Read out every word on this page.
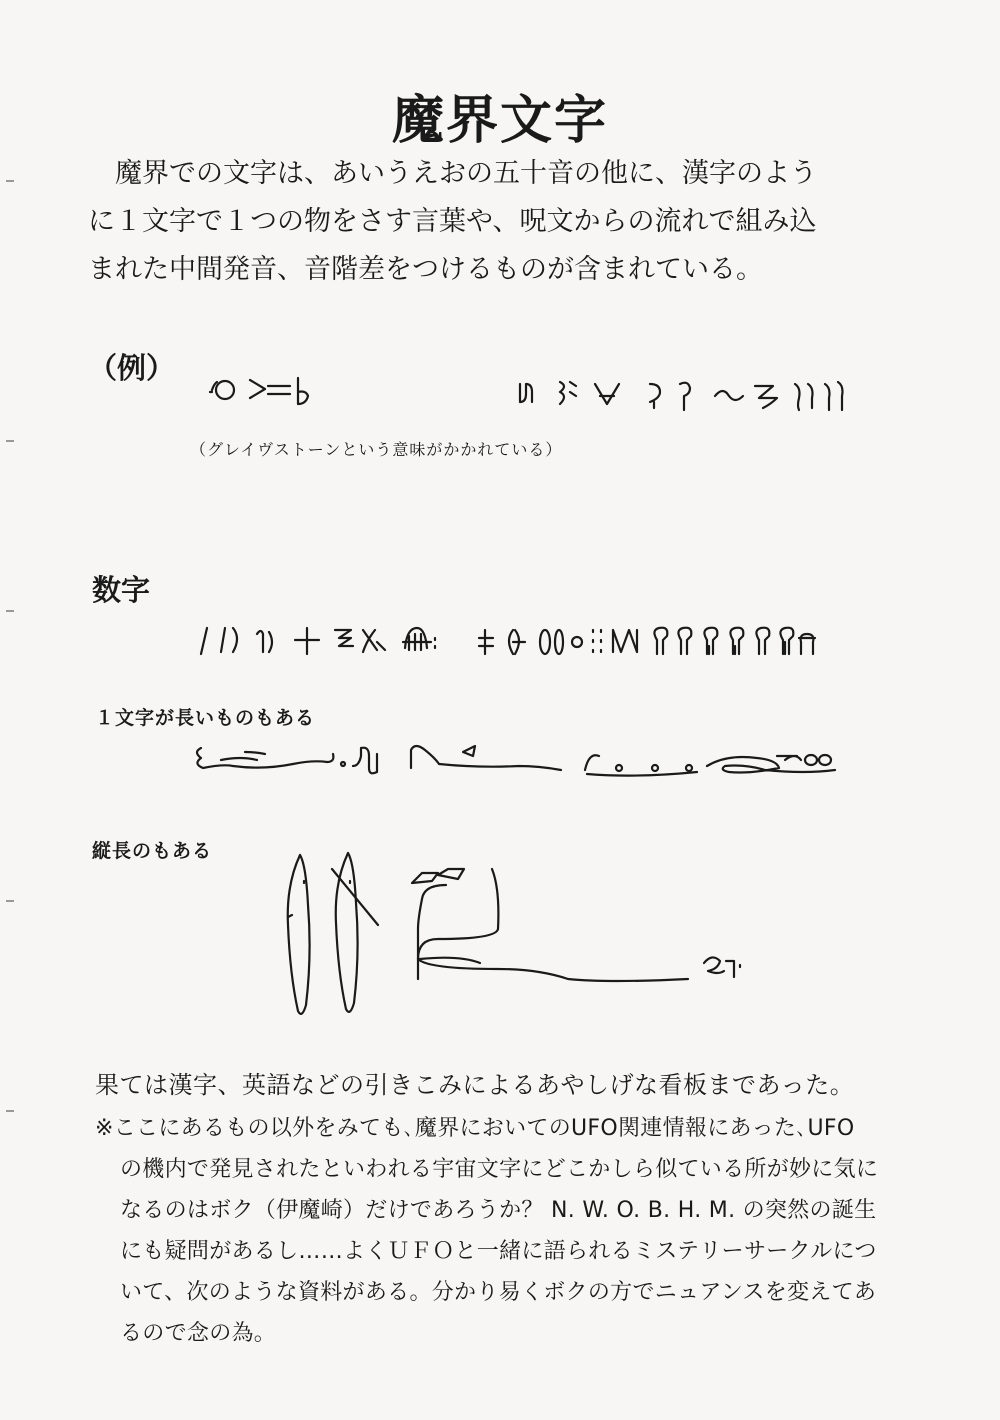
魔界文字

　魔界での文字は、あいうえおの五十音の他に、漢字のよう

に１文字で１つの物をさす言葉や、呪文からの流れで組み込

まれた中間発音、音階差をつけるものが含まれている。

（例）
（グレイヴストーンという意味がかかれている）
数字
１文字が長いものもある
縦長のもある
果ては漢字、英語などの引きこみによるあやしげな看板まであった。
※ここにあるもの以外をみても､魔界においてのUFO関連情報にあった､UFO
の機内で発見されたといわれる宇宙文字にどこかしら似ている所が妙に気に
なるのはボク（伊魔崎）だけであろうか？ N. W. O. B. H. M. の突然の誕生
にも疑問があるし……よくＵＦＯと一緒に語られるミステリーサークルにつ
いて、次のような資料がある。分かり易くボクの方でニュアンスを変えてあ
るので念の為。
